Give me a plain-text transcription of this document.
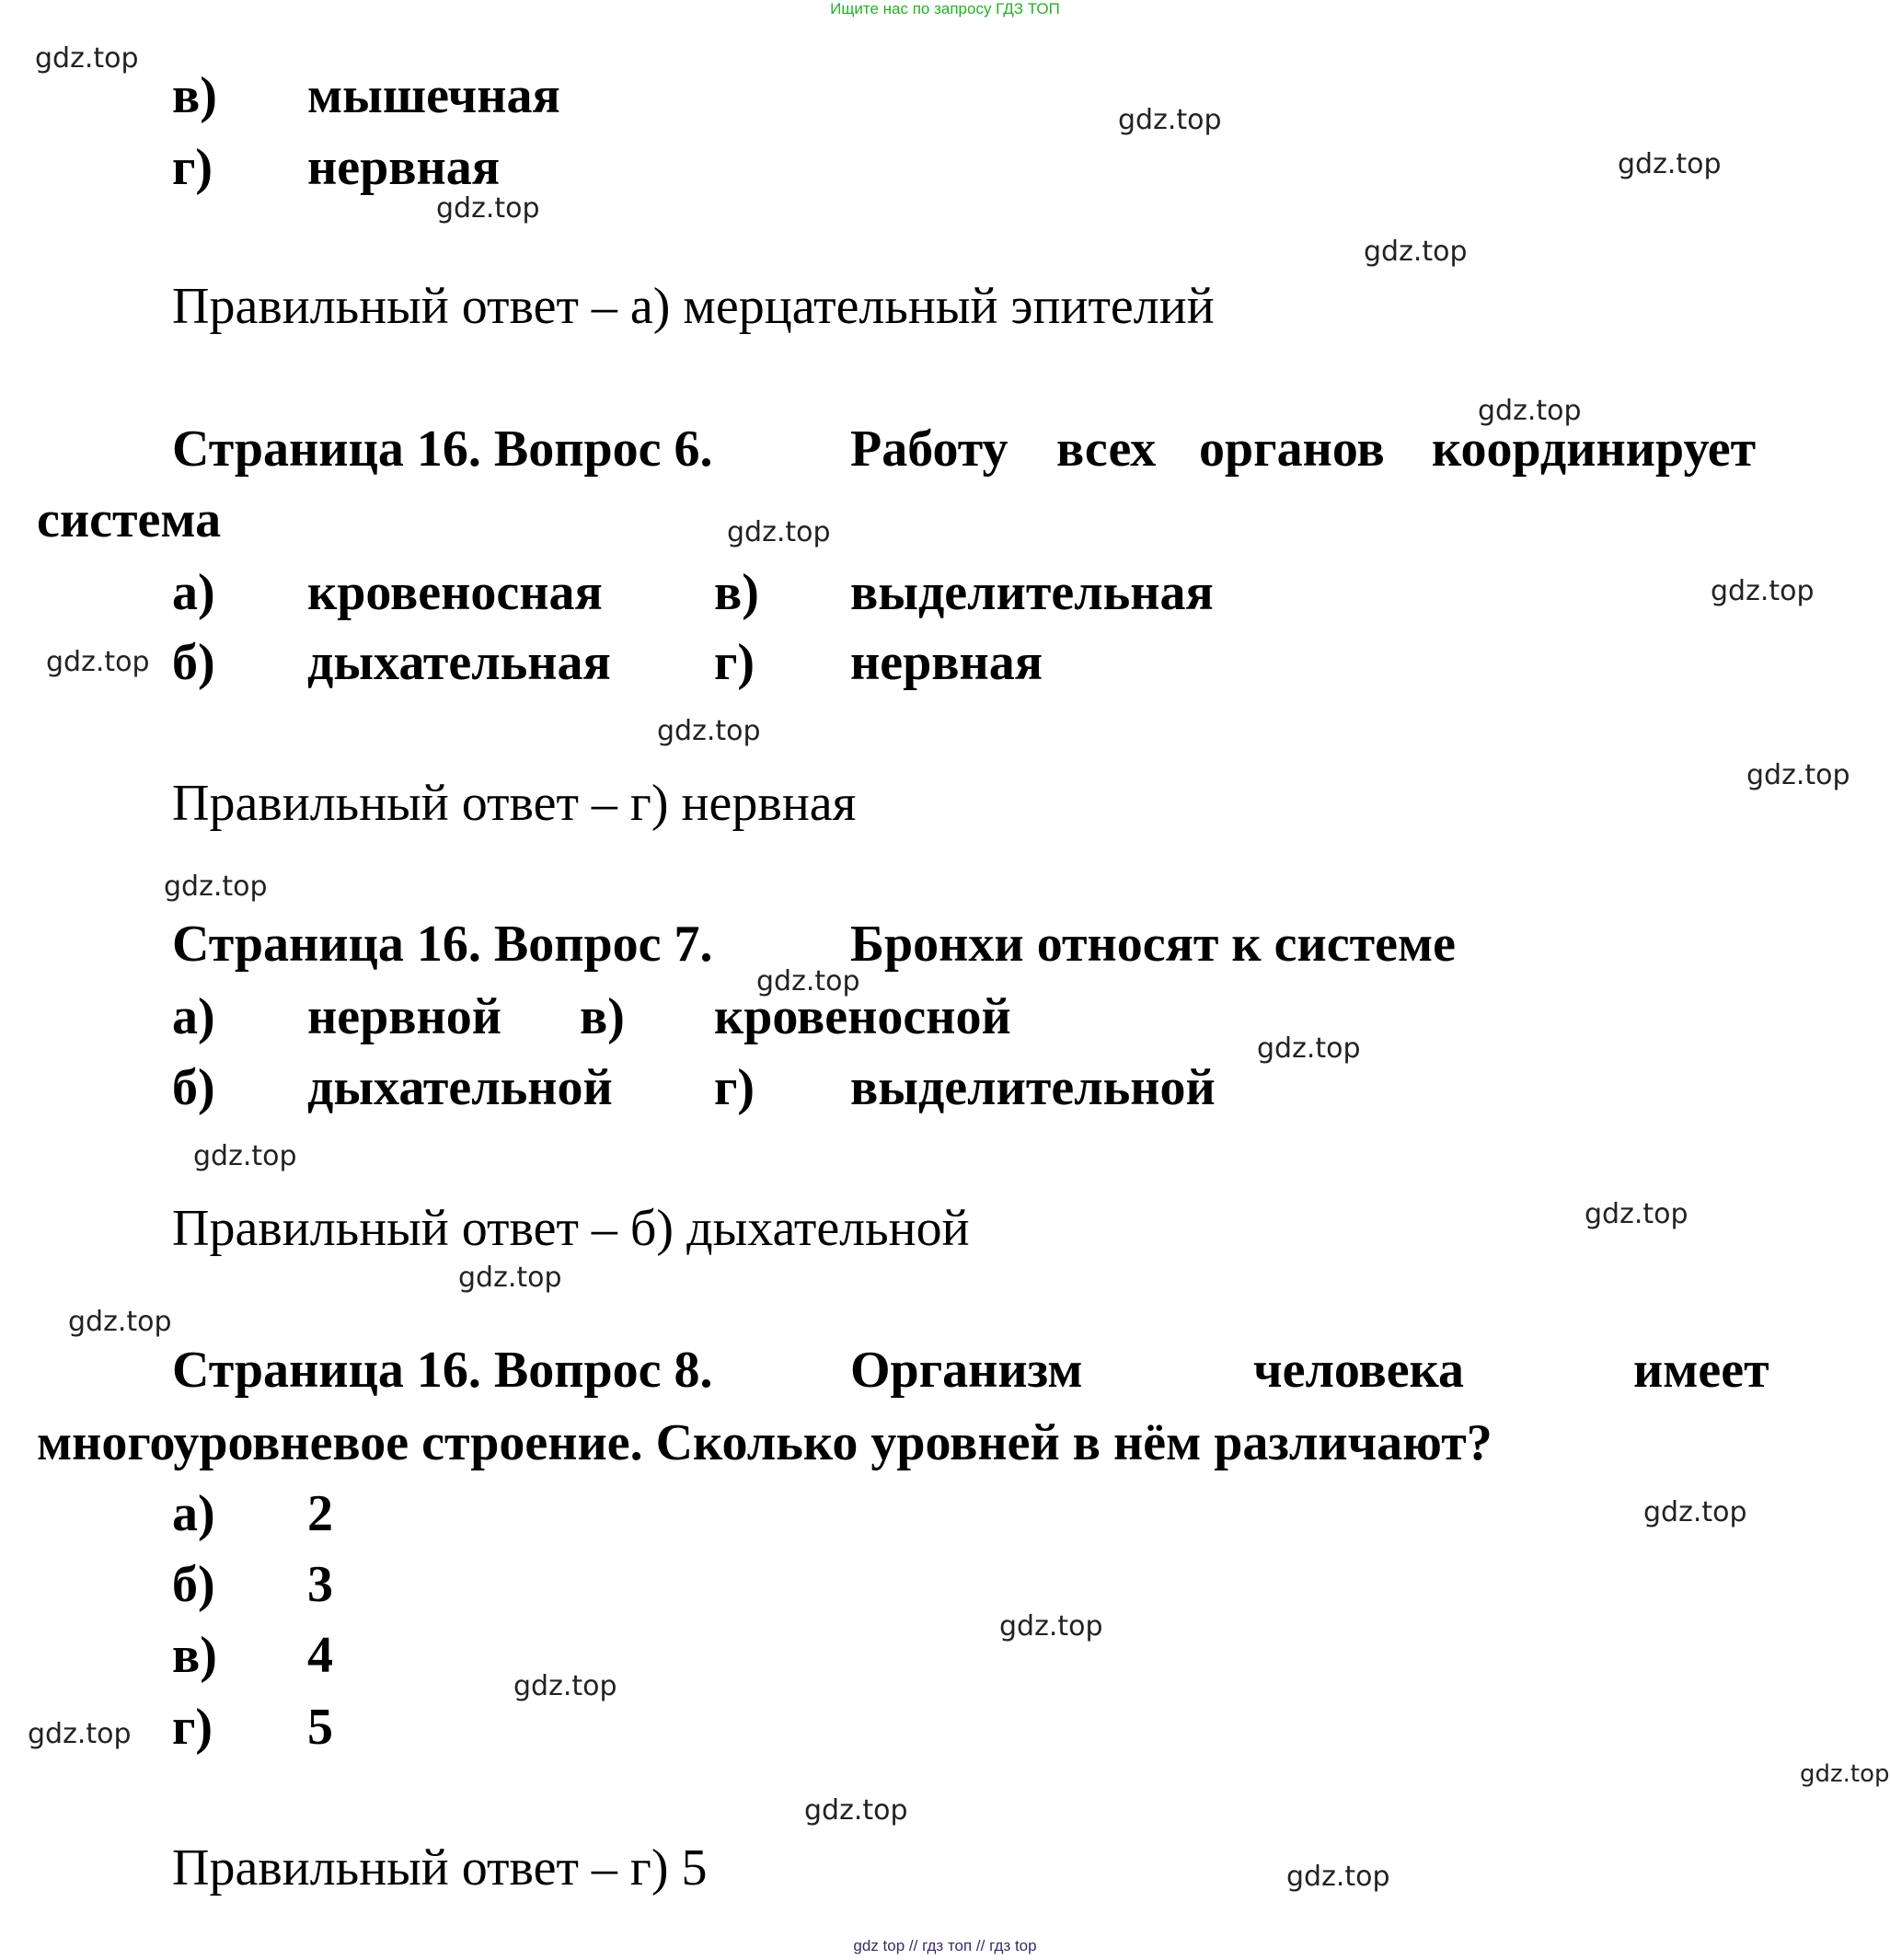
Ищите нас по запросу ГДЗ ТОП
в) мышечная
г) нервная
Правильный ответ – а) мерцательный эпителий
Страница 16. Вопрос 6.	Работу всех органов координирует
система
а) кровеносная в) выделительная
б) дыхательная г) нервная
Правильный ответ – г) нервная
Страница 16. Вопрос 7.	Бронхи относят к системе
а) нервной в) кровеносной
б) дыхательной г) выделительной
Правильный ответ – б) дыхательной
Страница 16. Вопрос 8.	Организм	человека	имеет
многоуровневое строение. Сколько уровней в нём различают?
а) 2
б) 3
в) 4
г) 5
Правильный ответ – г) 5
gdz.top
gdz.top
gdz.top
gdz.top
gdz.top
gdz.top
gdz.top
gdz.top
gdz.top
gdz.top
gdz.top
gdz.top
gdz.top
gdz.top
gdz.top
gdz.top
gdz.top
gdz.top
gdz.top
gdz.top
gdz.top
gdz.top
gdz.top
gdz.top
gdz.top
gdz top // гдз топ // гдз top
